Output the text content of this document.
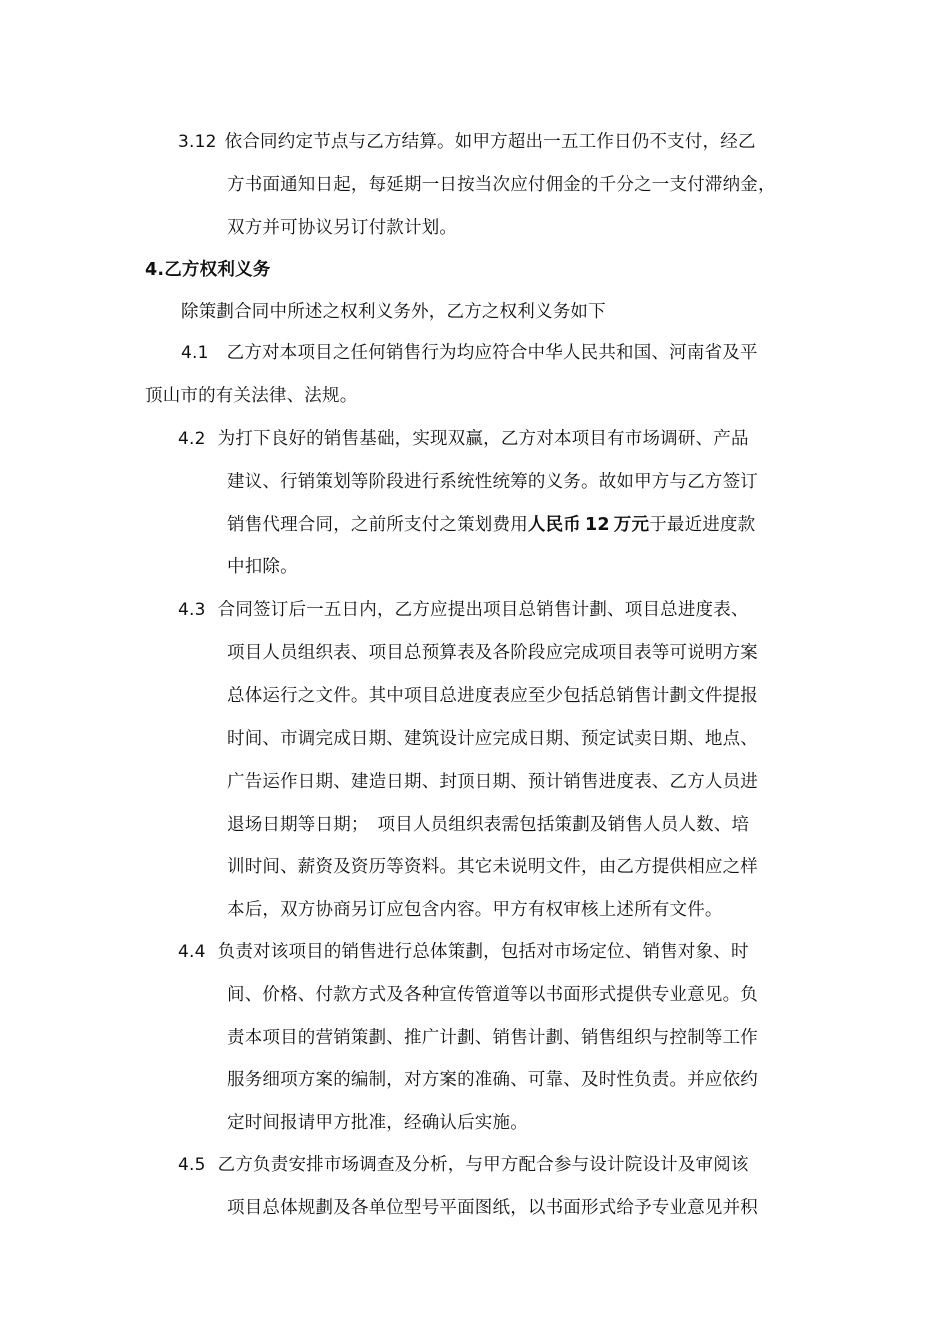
3.12 依合同约定节点与乙方结算。如甲方超出一五工作日仍不支付，经乙
方书面通知日起，每延期一日按当次应付佣金的千分之一支付滞纳金，
双方并可协议另订付款计划。
4.乙方权利义务
除策劃合同中所述之权利义务外，乙方之权利义务如下
4.1 乙方对本项目之任何销售行为均应符合中华人民共和国、河南省及平
顶山市的有关法律、法规。
4.2 为打下良好的销售基础，实现双赢，乙方对本项目有市场调研、产品
建议、行销策划等阶段进行系统性统筹的义务。故如甲方与乙方签订
销售代理合同，之前所支付之策划费用人民币 12 万元于最近进度款
中扣除。
4.3 合同签订后一五日内，乙方应提出项目总销售计劃、项目总进度表、
项目人员组织表、项目总预算表及各阶段应完成项目表等可说明方案
总体运行之文件。其中项目总进度表应至少包括总销售计劃文件提报
时间、市调完成日期、建筑设计应完成日期、预定试卖日期、地点、
广告运作日期、建造日期、封顶日期、预计销售进度表、乙方人员进
退场日期等日期；　项目人员组织表需包括策劃及销售人员人数、培
训时间、薪资及资历等资料。其它未说明文件，由乙方提供相应之样
本后，双方协商另订应包含内容。甲方有权审核上述所有文件。
4.4 负责对该项目的销售进行总体策劃，包括对市场定位、销售对象、时
间、价格、付款方式及各种宣传管道等以书面形式提供专业意见。负
责本项目的营销策劃、推广计劃、销售计劃、销售组织与控制等工作
服务细项方案的编制，对方案的准确、可靠、及时性负责。并应依约
定时间报请甲方批准，经确认后实施。
4.5 乙方负责安排市场调查及分析，与甲方配合参与设计院设计及审阅该
项目总体规劃及各单位型号平面图纸，以书面形式给予专业意见并积
